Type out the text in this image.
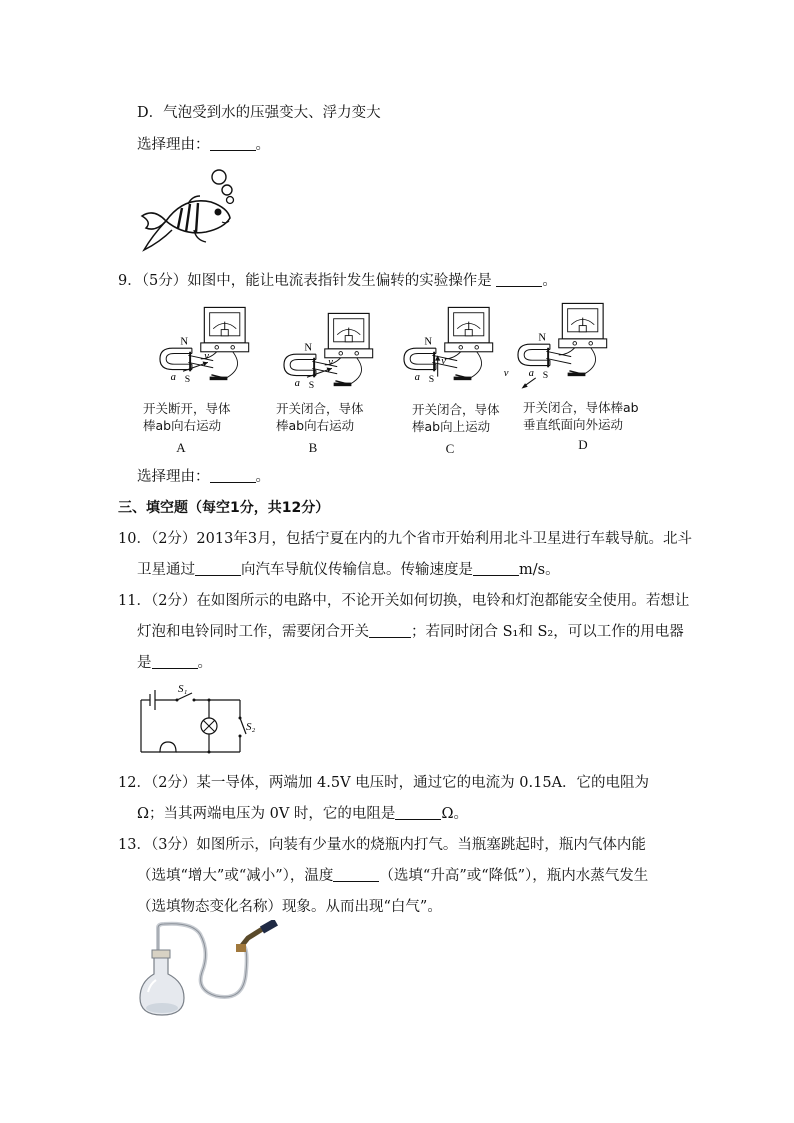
D．气泡受到水的压强变大、浮力变大
选择理由：	。
9．（5分）如图中，能让电流表指针发生偏转的实验操作是	。
N
S
a
v
N
S
a
v
N
S
a
v
N
S
a
v
开关断开，导体
棒ab向右运动
A
开关闭合，导体
棒ab向右运动
B
开关闭合，导体
棒ab向上运动
C
开关闭合，导体棒ab
垂直纸面向外运动
D
选择理由：	。
三、填空题（每空1分，共12分）
10．（2分）2013年3月，包括宁夏在内的九个省市开始利用北斗卫星进行车载导航。北斗
卫星通过	向汽车导航仪传输信息。传输速度是	m/s。
11．（2分）在如图所示的电路中，不论开关如何切换，电铃和灯泡都能安全使用。若想让
灯泡和电铃同时工作，需要闭合开关	；若同时闭合 S₁和 S₂，可以工作的用电器
是	。
S₁
S₂
12．（2分）某一导体，两端加 4.5V 电压时，通过它的电流为 0.15A．它的电阻为
Ω；当其两端电压为 0V 时，它的电阻是	Ω。
13．（3分）如图所示，向装有少量水的烧瓶内打气。当瓶塞跳起时，瓶内气体内能
（选填“增大”或“减小”），温度	（选填“升高”或“降低”），瓶内水蒸气发生
（选填物态变化名称）现象。从而出现“白气”。
